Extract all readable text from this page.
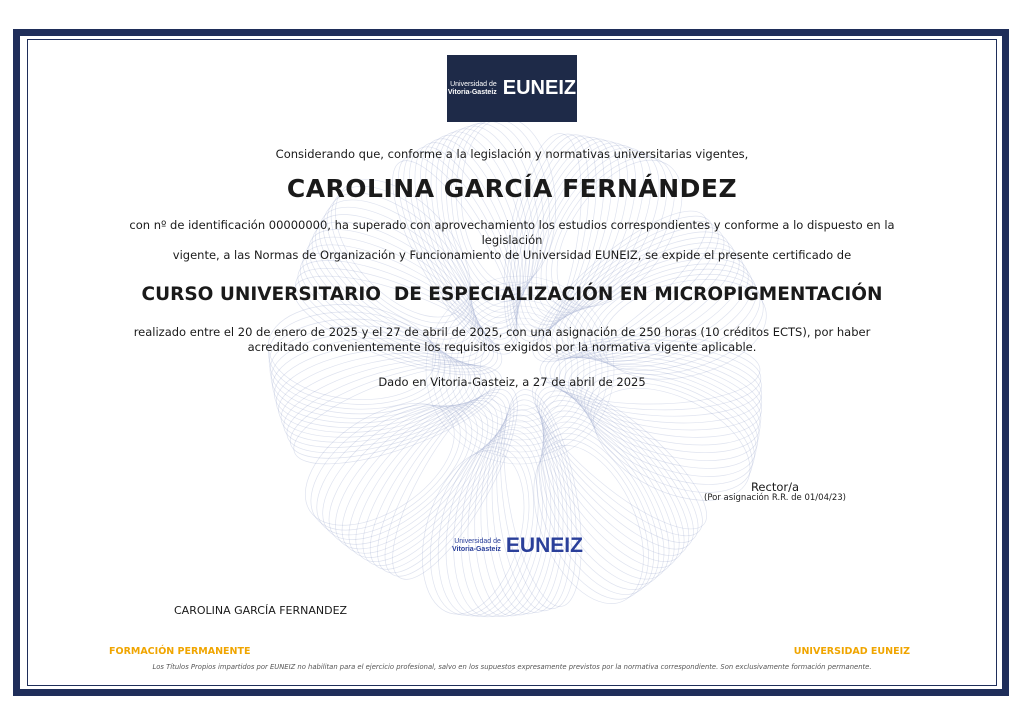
Universidad de
Vitoria-Gasteiz EUNEIZ
Considerando que, conforme a la legislación y normativas universitarias vigentes,
CAROLINA GARCÍA FERNÁNDEZ
con nº de identificación 00000000, ha superado con aprovechamiento los estudios correspondientes y conforme a lo dispuesto en la legislación
vigente, a las Normas de Organización y Funcionamiento de Universidad EUNEIZ, se expide el presente certificado de
CURSO UNIVERSITARIO  DE ESPECIALIZACIÓN EN MICROPIGMENTACIÓN
realizado entre el 20 de enero de 2025 y el 27 de abril de 2025, con una asignación de 250 horas (10 créditos ECTS), por haber
acreditado convenientemente los requisitos exigidos por la normativa vigente aplicable.
Dado en Vitoria-Gasteiz, a 27 de abril de 2025
Rector/a
(Por asignación R.R. de 01/04/23)
Universidad de
Vitoria-Gasteiz EUNEIZ
CAROLINA GARCÍA FERNANDEZ
FORMACIÓN PERMANENTE	UNIVERSIDAD EUNEIZ
Los Títulos Propios impartidos por EUNEIZ no habilitan para el ejercicio profesional, salvo en los supuestos expresamente previstos por la normativa correspondiente. Son exclusivamente formación permanente.
